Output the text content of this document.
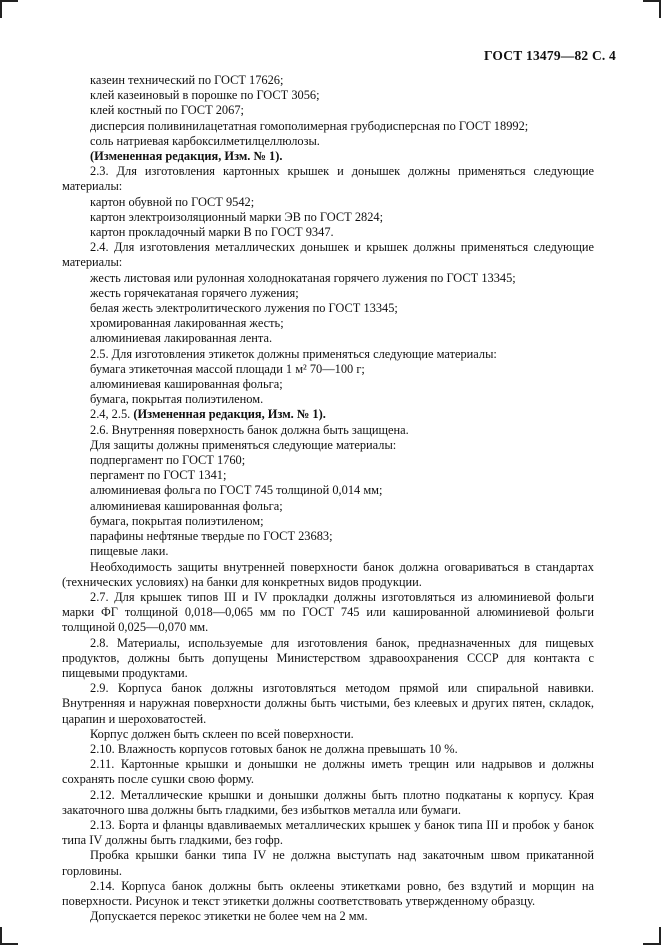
ГОСТ 13479—82 С. 4

казеин технический по ГОСТ 17626;

клей казеиновый в порошке по ГОСТ 3056;

клей костный по ГОСТ 2067;

дисперсия поливинилацетатная гомополимерная грубодисперсная по ГОСТ 18992;

соль натриевая карбоксилметилцеллюлозы.

(Измененная редакция, Изм. № 1).

2.3. Для изготовления картонных крышек и донышек должны применяться следующие материалы:

картон обувной по ГОСТ 9542;

картон электроизоляционный марки ЭВ по ГОСТ 2824;

картон прокладочный марки В по ГОСТ 9347.

2.4. Для изготовления металлических донышек и крышек должны применяться следующие материалы:

жесть листовая или рулонная холоднокатаная горячего лужения по ГОСТ 13345;

жесть горячекатаная горячего лужения;

белая жесть электролитического лужения по ГОСТ 13345;

хромированная лакированная жесть;

алюминиевая лакированная лента.

2.5. Для изготовления этикеток должны применяться следующие материалы:

бумага этикеточная массой площади 1 м² 70—100 г;

алюминиевая кашированная фольга;

бумага, покрытая полиэтиленом.

2.4, 2.5. (Измененная редакция, Изм. № 1).

2.6. Внутренняя поверхность банок должна быть защищена.

Для защиты должны применяться следующие материалы:

подпергамент по ГОСТ 1760;

пергамент по ГОСТ 1341;

алюминиевая фольга по ГОСТ 745 толщиной 0,014 мм;

алюминиевая кашированная фольга;

бумага, покрытая полиэтиленом;

парафины нефтяные твердые по ГОСТ 23683;

пищевые лаки.

Необходимость защиты внутренней поверхности банок должна оговариваться в стандартах (технических условиях) на банки для конкретных видов продукции.

2.7. Для крышек типов III и IV прокладки должны изготовляться из алюминиевой фольги марки ФГ толщиной 0,018—0,065 мм по ГОСТ 745 или кашированной алюминиевой фольги толщиной 0,025—0,070 мм.

2.8. Материалы, используемые для изготовления банок, предназначенных для пищевых продуктов, должны быть допущены Министерством здравоохранения СССР для контакта с пищевыми продуктами.

2.9. Корпуса банок должны изготовляться методом прямой или спиральной навивки. Внутренняя и наружная поверхности должны быть чистыми, без клеевых и других пятен, складок, царапин и шероховатостей.

Корпус должен быть склеен по всей поверхности.

2.10. Влажность корпусов готовых банок не должна превышать 10 %.

2.11. Картонные крышки и донышки не должны иметь трещин или надрывов и должны сохранять после сушки свою форму.

2.12. Металлические крышки и донышки должны быть плотно подкатаны к корпусу. Края закаточного шва должны быть гладкими, без избытков металла или бумаги.

2.13. Борта и фланцы вдавливаемых металлических крышек у банок типа III и пробок у банок типа IV должны быть гладкими, без гофр.

Пробка крышки банки типа IV не должна выступать над закаточным швом прикатанной горловины.

2.14. Корпуса банок должны быть оклеены этикетками ровно, без вздутий и морщин на поверхности. Рисунок и текст этикетки должны соответствовать утвержденному образцу.

Допускается перекос этикетки не более чем на 2 мм.
